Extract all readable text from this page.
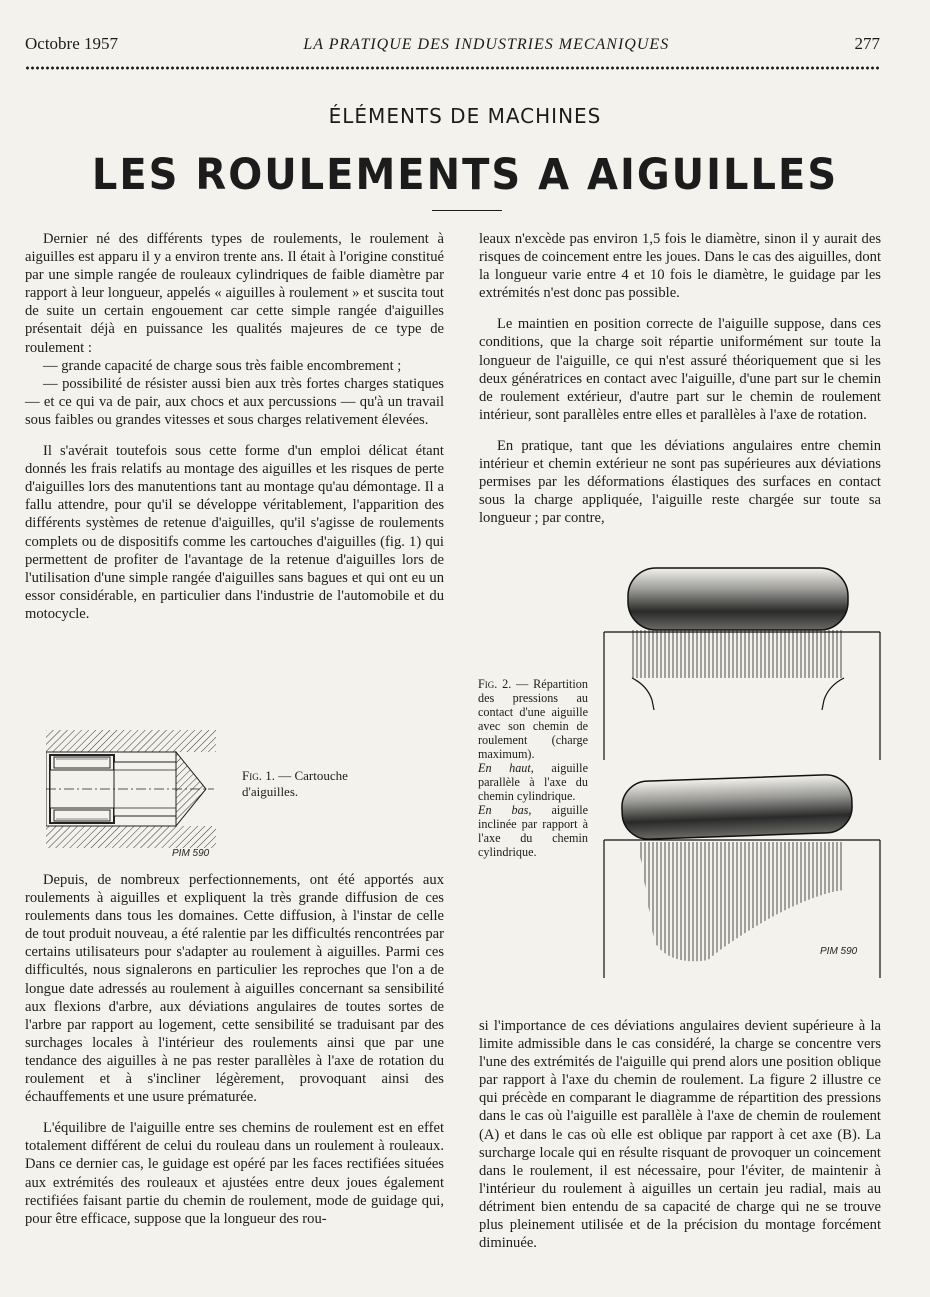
Octobre 1957	LA PRATIQUE DES INDUSTRIES MECANIQUES	277
ÉLÉMENTS DE MACHINES
LES ROULEMENTS A AIGUILLES

Dernier né des différents types de roulements, le roulement à aiguilles est apparu il y a environ trente ans. Il était à l'origine constitué par une simple rangée de rouleaux cylindriques de faible diamètre par rapport à leur longueur, appelés « aiguilles à roulement » et suscita tout de suite un certain engouement car cette simple rangée d'aiguilles présentait déjà en puissance les qualités majeures de ce type de roulement :

— grande capacité de charge sous très faible encombrement ;

— possibilité de résister aussi bien aux très fortes charges statiques — et ce qui va de pair, aux chocs et aux percussions — qu'à un travail sous faibles ou grandes vitesses et sous charges relativement élevées.

Il s'avérait toutefois sous cette forme d'un emploi délicat étant donnés les frais relatifs au montage des aiguilles et les risques de perte d'aiguilles lors des manutentions tant au montage qu'au démontage. Il a fallu attendre, pour qu'il se développe véritablement, l'apparition des différents systèmes de retenue d'aiguilles, qu'il s'agisse de roulements complets ou de dispositifs comme les cartouches d'aiguilles (fig. 1) qui permettent de profiter de l'avantage de la retenue d'aiguilles lors de l'utilisation d'une simple rangée d'aiguilles sans bagues et qui ont eu un essor considérable, en particulier dans l'industrie de l'automobile et du motocycle.

PIM 590
Fig. 1. — Cartouche d'aiguilles.

Depuis, de nombreux perfectionnements, ont été apportés aux roulements à aiguilles et expliquent la très grande diffusion de ces roulements dans tous les domaines. Cette diffusion, à l'instar de celle de tout produit nouveau, a été ralentie par les difficultés rencontrées par certains utilisateurs pour s'adapter au roulement à aiguilles. Parmi ces difficultés, nous signalerons en particulier les reproches que l'on a de longue date adressés au roulement à aiguilles concernant sa sensibilité aux flexions d'arbre, aux déviations angulaires de toutes sortes de l'arbre par rapport au logement, cette sensibilité se traduisant par des surchages locales à l'intérieur des roulements ainsi que par une tendance des aiguilles à ne pas rester parallèles à l'axe de rotation du roulement et à s'incliner légèrement, provoquant ainsi des échauffements et une usure prématurée.

L'équilibre de l'aiguille entre ses chemins de roulement est en effet totalement différent de celui du rouleau dans un roulement à rouleaux. Dans ce dernier cas, le guidage est opéré par les faces rectifiées situées aux extrémités des rouleaux et ajustées entre deux joues également rectifiées faisant partie du chemin de roulement, mode de guidage qui, pour être efficace, suppose que la longueur des rou-

leaux n'excède pas environ 1,5 fois le diamètre, sinon il y aurait des risques de coincement entre les joues. Dans le cas des aiguilles, dont la longueur varie entre 4 et 10 fois le diamètre, le guidage par les extrémités n'est donc pas possible.

Le maintien en position correcte de l'aiguille suppose, dans ces conditions, que la charge soit répartie uniformément sur toute la longueur de l'aiguille, ce qui n'est assuré théoriquement que si les deux génératrices en contact avec l'aiguille, d'une part sur le chemin de roulement extérieur, d'autre part sur le chemin de roulement intérieur, sont parallèles entre elles et parallèles à l'axe de rotation.

En pratique, tant que les déviations angulaires entre chemin intérieur et chemin extérieur ne sont pas supérieures aux déviations permises par les déformations élastiques des surfaces en contact sous la charge appliquée, l'aiguille reste chargée sur toute sa longueur ; par contre,

PIM 590
Fig. 2. — Répartition des pressions au contact d'une aiguille avec son chemin de roulement (charge maximum).
En haut, aiguille parallèle à l'axe du chemin cylindrique.
En bas, aiguille inclinée par rapport à l'axe du chemin cylindrique.

si l'importance de ces déviations angulaires devient supérieure à la limite admissible dans le cas considéré, la charge se concentre vers l'une des extrémités de l'aiguille qui prend alors une position oblique par rapport à l'axe du chemin de roulement. La figure 2 illustre ce qui précède en comparant le diagramme de répartition des pressions dans le cas où l'aiguille est parallèle à l'axe de chemin de roulement (A) et dans le cas où elle est oblique par rapport à cet axe (B). La surcharge locale qui en résulte risquant de provoquer un coincement dans le roulement, il est nécessaire, pour l'éviter, de maintenir à l'intérieur du roulement à aiguilles un certain jeu radial, mais au détriment bien entendu de sa capacité de charge qui ne se trouve plus pleinement utilisée et de la précision du montage forcément diminuée.
